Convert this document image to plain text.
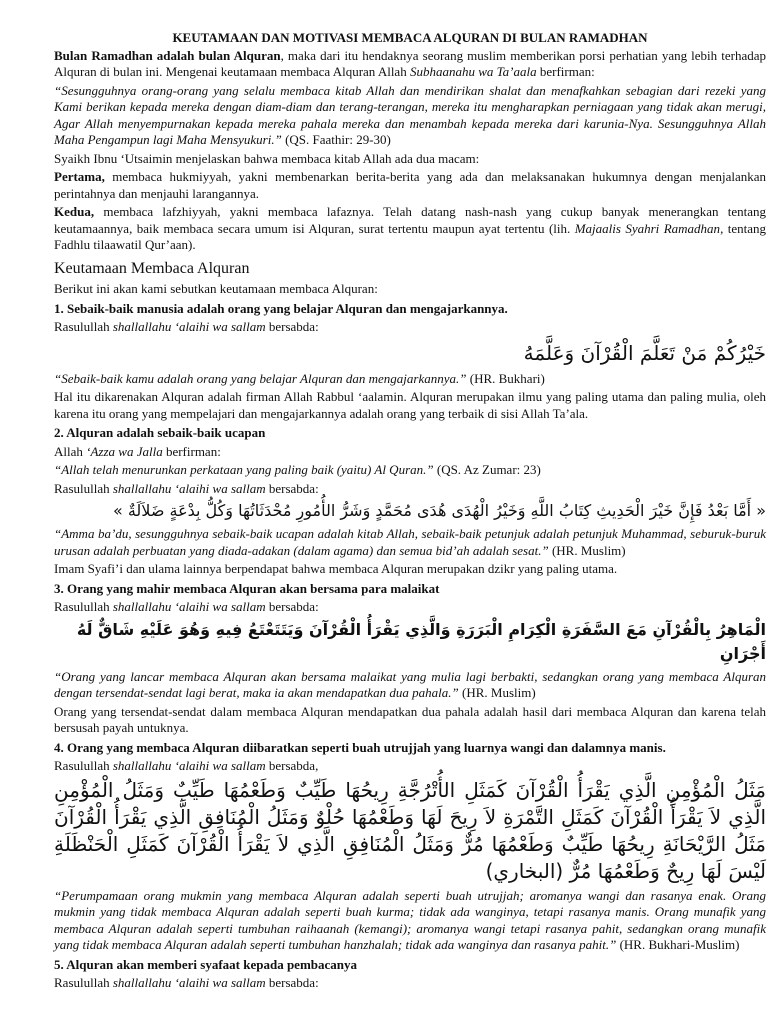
KEUTAMAAN DAN MOTIVASI MEMBACA ALQURAN DI BULAN RAMADHAN

Bulan Ramadhan adalah bulan Alquran, maka dari itu hendaknya seorang muslim memberikan porsi perhatian yang lebih terhadap Alquran di bulan ini. Mengenai keutamaan membaca Alquran Allah Subhaanahu wa Ta’aala berfirman:

“Sesungguhnya orang-orang yang selalu membaca kitab Allah dan mendirikan shalat dan menafkahkan sebagian dari rezeki yang Kami berikan kepada mereka dengan diam-diam dan terang-terangan, mereka itu mengharapkan perniagaan yang tidak akan merugi, Agar Allah menyempurnakan kepada mereka pahala mereka dan menambah kepada mereka dari karunia-Nya. Sesungguhnya Allah Maha Pengampun lagi Maha Mensyukuri.” (QS. Faathir: 29-30)

Syaikh Ibnu ‘Utsaimin menjelaskan bahwa membaca kitab Allah ada dua macam:

Pertama, membaca hukmiyyah, yakni membenarkan berita-berita yang ada dan melaksanakan hukumnya dengan menjalankan perintahnya dan menjauhi larangannya.

Kedua, membaca lafzhiyyah, yakni membaca lafaznya. Telah datang nash-nash yang cukup banyak menerangkan tentang keutamaannya, baik membaca secara umum isi Alquran, surat tertentu maupun ayat tertentu (lih. Majaalis Syahri Ramadhan, tentang Fadhlu tilaawatil Qur’aan).

Keutamaan Membaca Alquran

Berikut ini akan kami sebutkan keutamaan membaca Alquran:

1. Sebaik-baik manusia adalah orang yang belajar Alquran dan mengajarkannya.

Rasulullah shallallahu ‘alaihi wa sallam bersabda:

خَيْرُكُمْ مَنْ تَعَلَّمَ الْقُرْآنَ وَعَلَّمَهُ

“Sebaik-baik kamu adalah orang yang belajar Alquran dan mengajarkannya.” (HR. Bukhari)

Hal itu dikarenakan Alquran adalah firman Allah Rabbul ‘aalamin. Alquran merupakan ilmu yang paling utama dan paling mulia, oleh karena itu orang yang mempelajari dan mengajarkannya adalah orang yang terbaik di sisi Allah Ta’ala.

2. Alquran adalah sebaik-baik ucapan

Allah ‘Azza wa Jalla berfirman:

“Allah telah menurunkan perkataan yang paling baik (yaitu) Al Quran.” (QS. Az Zumar: 23)

Rasulullah shallallahu ‘alaihi wa sallam bersabda:

« أَمَّا بَعْدُ فَإِنَّ خَيْرَ الْحَدِيثِ كِتَابُ اللَّهِ وَخَيْرُ الْهُدَى هُدَى مُحَمَّدٍ وَشَرُّ الأُمُورِ مُحْدَثَاتُهَا وَكُلُّ بِدْعَةٍ ضَلاَلَةٌ »

“Amma ba’du, sesungguhnya sebaik-baik ucapan adalah kitab Allah, sebaik-baik petunjuk adalah petunjuk Muhammad, seburuk-buruk urusan adalah perbuatan yang diada-adakan (dalam agama) dan semua bid’ah adalah sesat.” (HR. Muslim)

Imam Syafi’i dan ulama lainnya berpendapat bahwa membaca Alquran merupakan dzikr yang paling utama.

3. Orang yang mahir membaca Alquran akan bersama para malaikat

Rasulullah shallallahu ‘alaihi wa sallam bersabda:

الْمَاهِرُ بِالْقُرْآنِ مَعَ السَّفَرَةِ الْكِرَامِ الْبَرَرَةِ وَالَّذِي يَقْرَأُ الْقُرْآنَ وَيَتَتَعْتَعُ فِيهِ وَهُوَ عَلَيْهِ شَاقٌّ لَهُ أَجْرَانِ

“Orang yang lancar membaca Alquran akan bersama malaikat yang mulia lagi berbakti, sedangkan orang yang membaca Alquran dengan tersendat-sendat lagi berat, maka ia akan mendapatkan dua pahala.” (HR. Muslim)

Orang yang tersendat-sendat dalam membaca Alquran mendapatkan dua pahala adalah hasil dari membaca Alquran dan karena telah bersusah payah untuknya.

4. Orang yang membaca Alquran diibaratkan seperti buah utrujjah yang luarnya wangi dan dalamnya manis.

Rasulullah shallallahu ‘alaihi wa sallam bersabda,

مَثَلُ الْمُؤْمِنِ الَّذِي يَقْرَأُ الْقُرْآنَ كَمَثَلِ الأُتْرُجَّةِ رِيحُهَا طَيِّبٌ وَطَعْمُهَا طَيِّبٌ وَمَثَلُ الْمُؤْمِنِ الَّذِي لاَ يَقْرَأُ الْقُرْآنَ كَمَثَلِ التَّمْرَةِ لاَ رِيحَ لَهَا وَطَعْمُهَا حُلْوٌ وَمَثَلُ الْمُنَافِقِ الَّذِي يَقْرَأُ الْقُرْآنَ مَثَلُ الرَّيْحَانَةِ رِيحُهَا طَيِّبٌ وَطَعْمُهَا مُرٌّ وَمَثَلُ الْمُنَافِقِ الَّذِي لاَ يَقْرَأُ الْقُرْآنَ كَمَثَلِ الْحَنْظَلَةِ لَيْسَ لَهَا رِيحٌ وَطَعْمُهَا مُرٌّ (البخاري)

“Perumpamaan orang mukmin yang membaca Alquran adalah seperti buah utrujjah; aromanya wangi dan rasanya enak. Orang mukmin yang tidak membaca Alquran adalah seperti buah kurma; tidak ada wanginya, tetapi rasanya manis. Orang munafik yang membaca Alquran adalah seperti tumbuhan raihaanah (kemangi); aromanya wangi tetapi rasanya pahit, sedangkan orang munafik yang tidak membaca Alquran adalah seperti tumbuhan hanzhalah; tidak ada wanginya dan rasanya pahit.” (HR. Bukhari-Muslim)

5. Alquran akan memberi syafaat kepada pembacanya

Rasulullah shallallahu ‘alaihi wa sallam bersabda:
